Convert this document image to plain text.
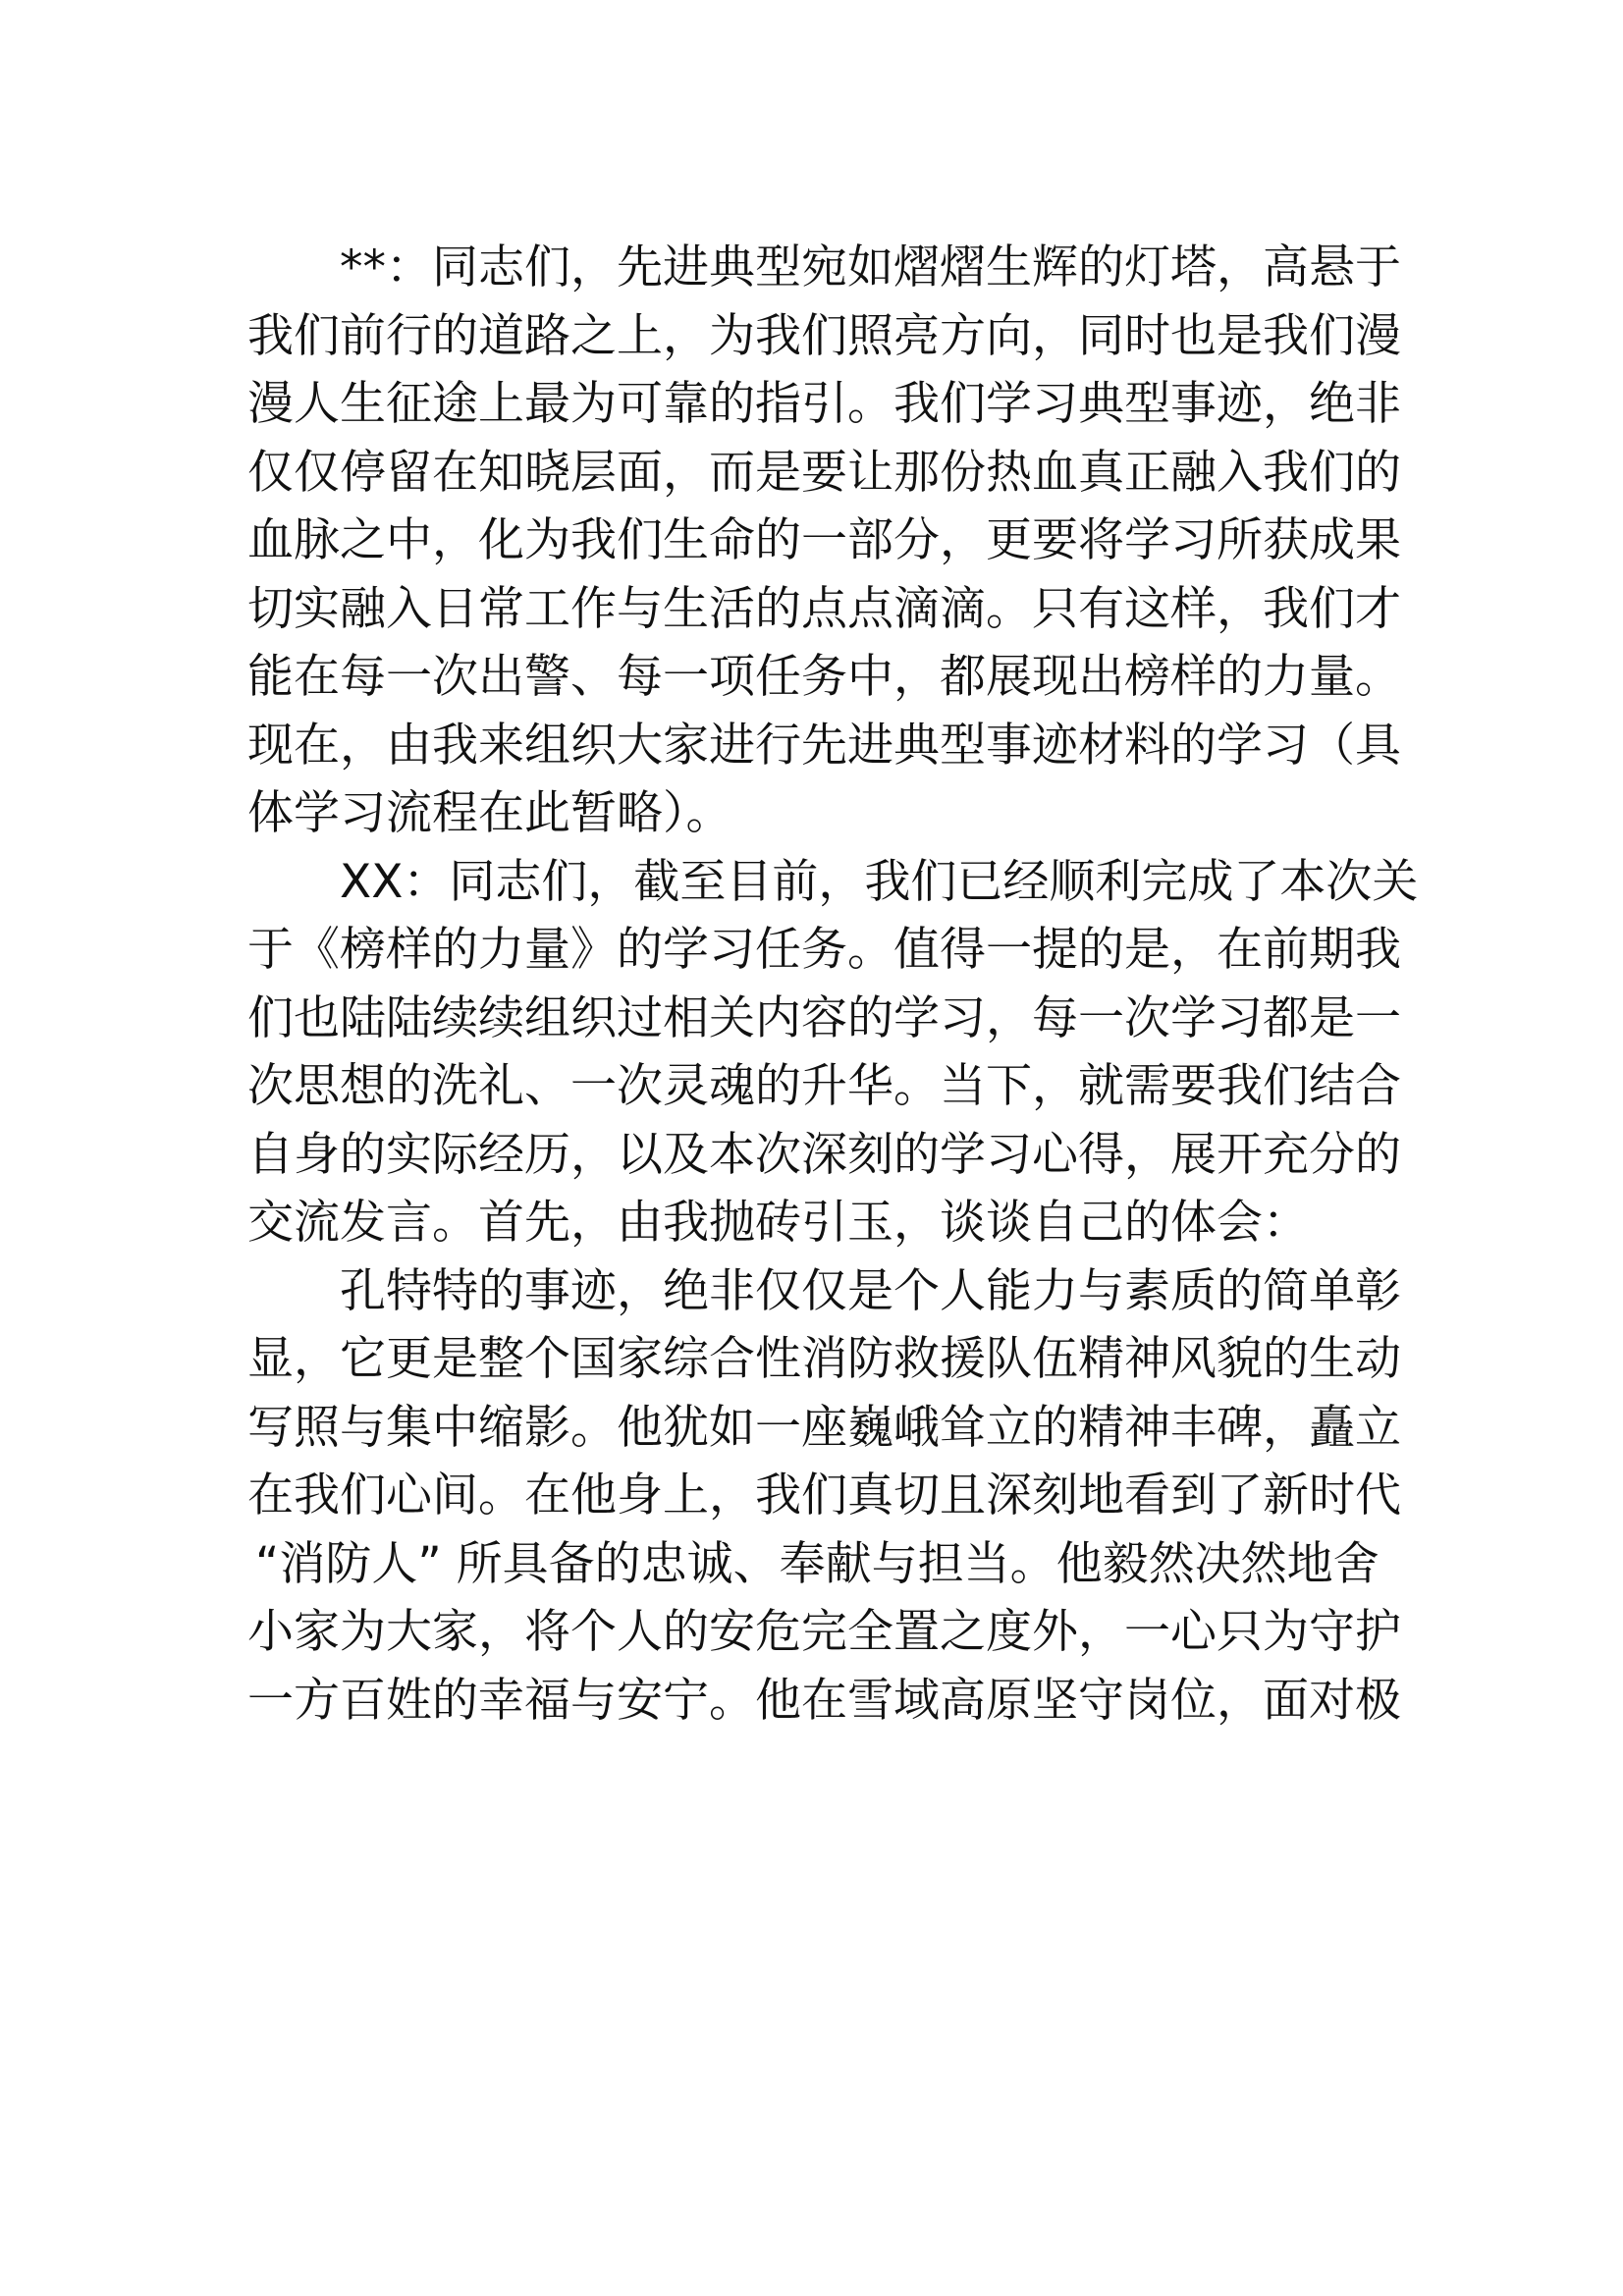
**：同志们，先进典型宛如熠熠生辉的灯塔，高悬于
我们前行的道路之上，为我们照亮方向，同时也是我们漫
漫人生征途上最为可靠的指引。我们学习典型事迹，绝非
仅仅停留在知晓层面，而是要让那份热血真正融入我们的
血脉之中，化为我们生命的一部分，更要将学习所获成果
切实融入日常工作与生活的点点滴滴。只有这样，我们才
能在每一次出警、每一项任务中，都展现出榜样的力量。
现在，由我来组织大家进行先进典型事迹材料的学习（具
体学习流程在此暂略）。
XX：同志们，截至目前，我们已经顺利完成了本次关
于《榜样的力量》的学习任务。值得一提的是，在前期我
们也陆陆续续组织过相关内容的学习，每一次学习都是一
次思想的洗礼、一次灵魂的升华。当下，就需要我们结合
自身的实际经历，以及本次深刻的学习心得，展开充分的
交流发言。首先，由我抛砖引玉，谈谈自己的体会：
孔特特的事迹，绝非仅仅是个人能力与素质的简单彰
显，它更是整个国家综合性消防救援队伍精神风貌的生动
写照与集中缩影。他犹如一座巍峨耸立的精神丰碑，矗立
在我们心间。在他身上，我们真切且深刻地看到了新时代
“消防人” 所具备的忠诚、奉献与担当。他毅然决然地舍
小家为大家，将个人的安危完全置之度外，一心只为守护
一方百姓的幸福与安宁。他在雪域高原坚守岗位，面对极
